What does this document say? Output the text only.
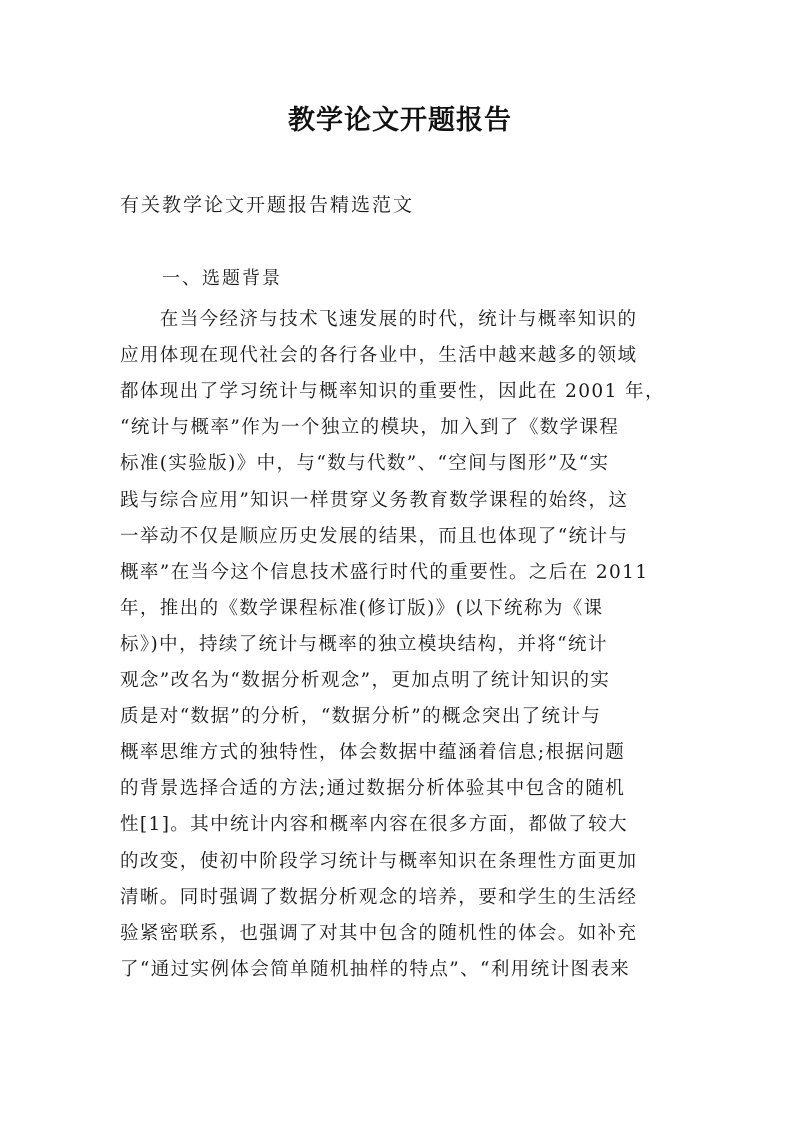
教学论文开题报告

有关教学论文开题报告精选范文

一、选题背景

　　在当今经济与技术飞速发展的时代，统计与概率知识的

应用体现在现代社会的各行各业中，生活中越来越多的领域

都体现出了学习统计与概率知识的重要性，因此在 2001 年，

“统计与概率”作为一个独立的模块，加入到了《数学课程

标准(实验版)》中，与“数与代数”、“空间与图形”及“实

践与综合应用”知识一样贯穿义务教育数学课程的始终，这

一举动不仅是顺应历史发展的结果，而且也体现了“统计与

概率”在当今这个信息技术盛行时代的重要性。之后在 2011

年，推出的《数学课程标准(修订版)》(以下统称为《课

标》)中，持续了统计与概率的独立模块结构，并将“统计

观念”改名为“数据分析观念”，更加点明了统计知识的实

质是对“数据”的分析，“数据分析”的概念突出了统计与

概率思维方式的独特性，体会数据中蕴涵着信息;根据问题

的背景选择合适的方法;通过数据分析体验其中包含的随机

性[1]。其中统计内容和概率内容在很多方面，都做了较大

的改变，使初中阶段学习统计与概率知识在条理性方面更加

清晰。同时强调了数据分析观念的培养，要和学生的生活经

验紧密联系，也强调了对其中包含的随机性的体会。如补充

了“通过实例体会简单随机抽样的特点”、“利用统计图表来
